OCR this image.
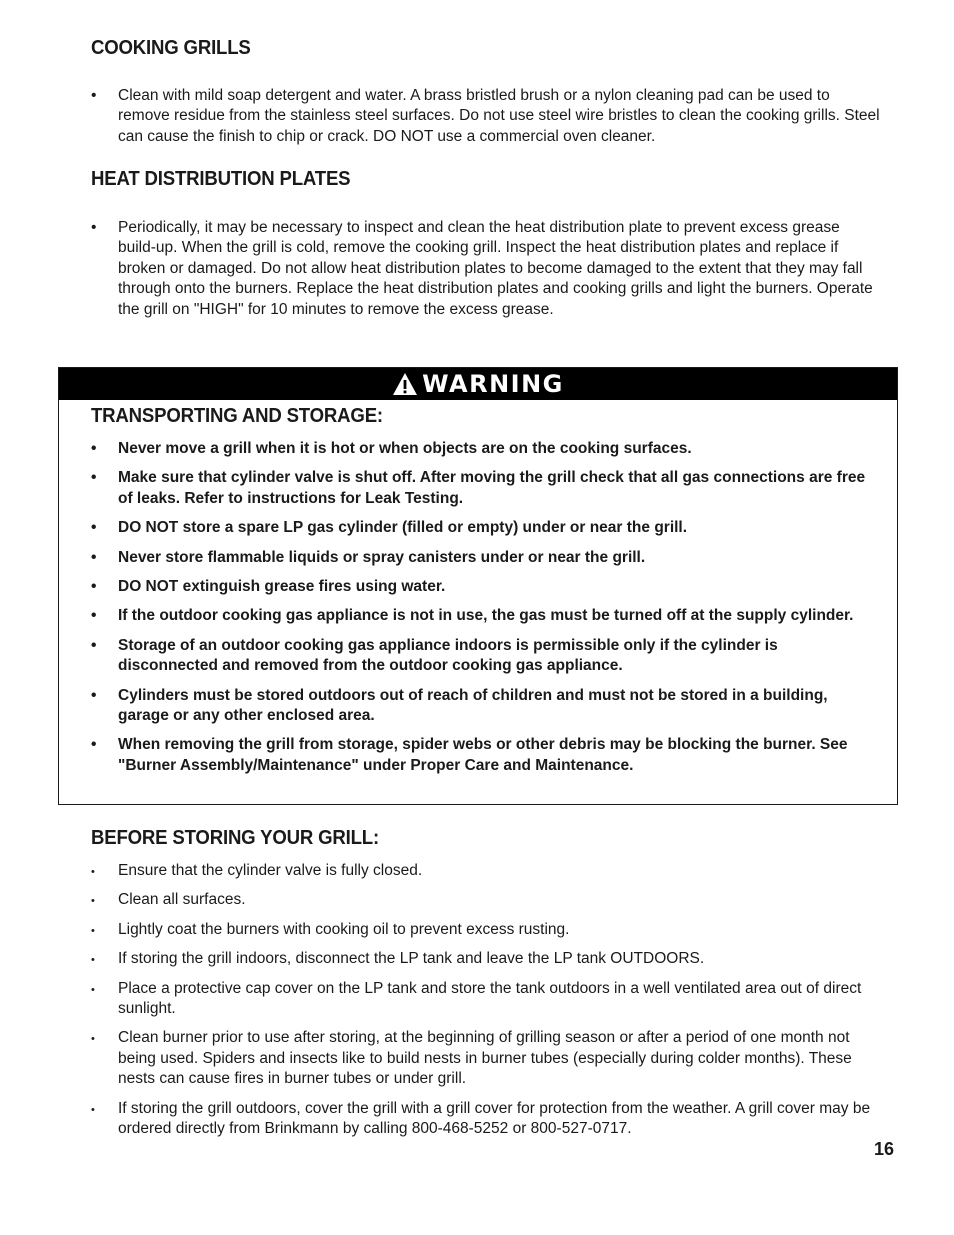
COOKING GRILLS
• Clean with mild soap detergent and water. A brass bristled brush or a nylon cleaning pad can be used to remove residue from the stainless steel surfaces. Do not use steel wire bristles to clean the cooking grills. Steel can cause the finish to chip or crack. DO NOT use a commercial oven cleaner.
HEAT DISTRIBUTION PLATES
• Periodically, it may be necessary to inspect and clean the heat distribution plate to prevent excess grease build-up. When the grill is cold, remove the cooking grill. Inspect the heat distribution plates and replace if broken or damaged. Do not allow heat distribution plates to become damaged to the extent that they may fall through onto the burners. Replace the heat distribution plates and cooking grills and light the burners. Operate the grill on "HIGH" for 10 minutes to remove the excess grease.
WARNING
TRANSPORTING AND STORAGE:
• Never move a grill when it is hot or when objects are on the cooking surfaces.
• Make sure that cylinder valve is shut off. After moving the grill check that all gas connections are free of leaks. Refer to instructions for Leak Testing.
• DO NOT store a spare LP gas cylinder (filled or empty) under or near the grill.
• Never store flammable liquids or spray canisters under or near the grill.
• DO NOT extinguish grease fires using water.
• If the outdoor cooking gas appliance is not in use, the gas must be turned off at the supply cylinder.
• Storage of an outdoor cooking gas appliance indoors is permissible only if the cylinder is disconnected and removed from the outdoor cooking gas appliance.
• Cylinders must be stored outdoors out of reach of children and must not be stored in a building, garage or any other enclosed area.
• When removing the grill from storage, spider webs or other debris may be blocking the burner. See "Burner Assembly/Maintenance" under Proper Care and Maintenance.
BEFORE STORING YOUR GRILL:
• Ensure that the cylinder valve is fully closed.
• Clean all surfaces.
• Lightly coat the burners with cooking oil to prevent excess rusting.
• If storing the grill indoors, disconnect the LP tank and leave the LP tank OUTDOORS.
• Place a protective cap cover on the LP tank and store the tank outdoors in a well ventilated area out of direct sunlight.
• Clean burner prior to use after storing, at the beginning of grilling season or after a period of one month not being used. Spiders and insects like to build nests in burner tubes (especially during colder months). These nests can cause fires in burner tubes or under grill.
• If storing the grill outdoors, cover the grill with a grill cover for protection from the weather. A grill cover may be ordered directly from Brinkmann by calling 800-468-5252 or 800-527-0717.
16
